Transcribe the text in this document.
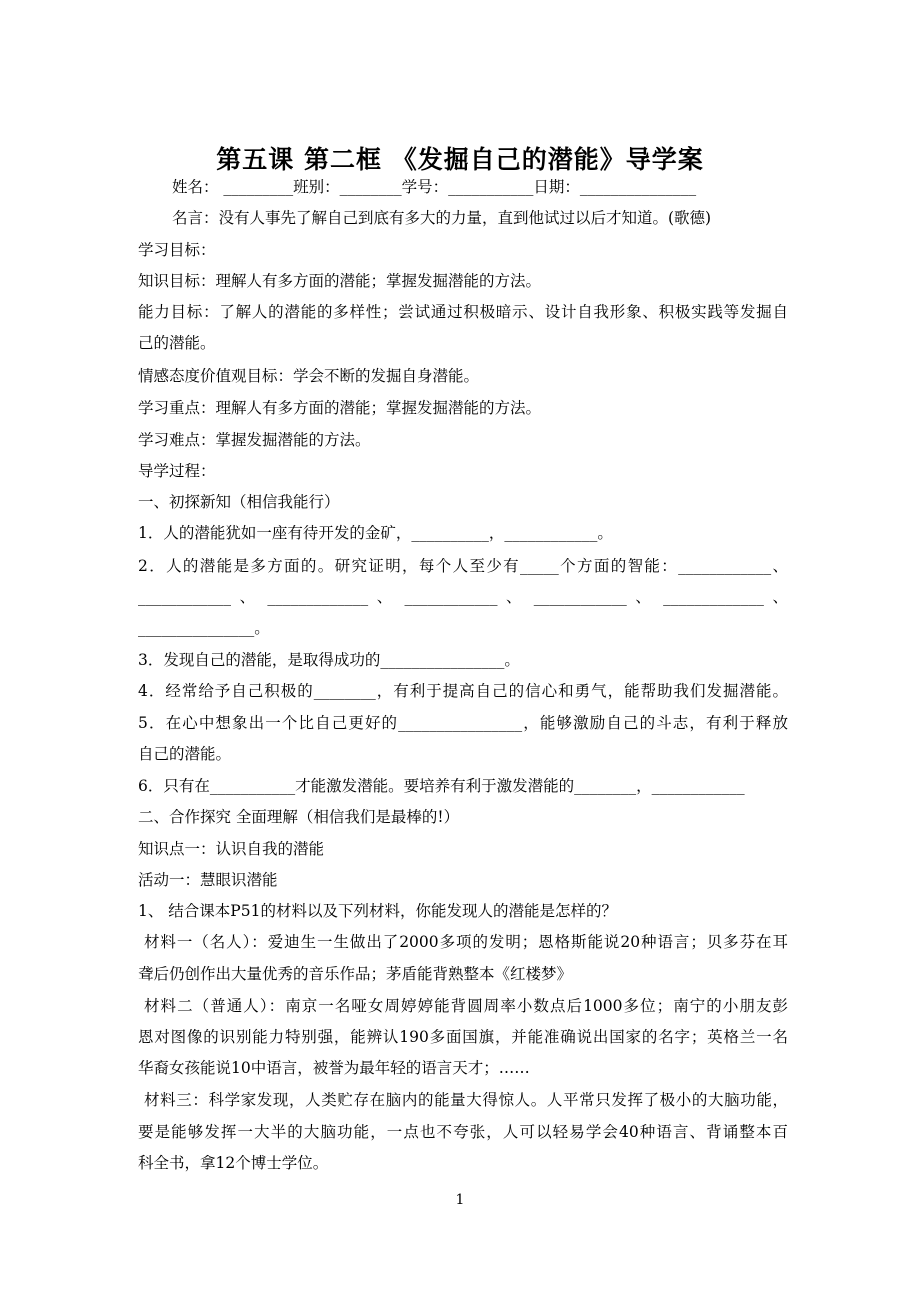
第五课 第二框 《发掘自己的潜能》导学案
姓名： _________班别：________学号：___________日期：_______________
名言：没有人事先了解自己到底有多大的力量，直到他试过以后才知道。(歌德)
学习目标：
知识目标：理解人有多方面的潜能；掌握发掘潜能的方法。
能力目标：了解人的潜能的多样性；尝试通过积极暗示、设计自我形象、积极实践等发掘自
己的潜能。
情感态度价值观目标：学会不断的发掘自身潜能。
学习重点：理解人有多方面的潜能；掌握发掘潜能的方法。
学习难点：掌握发掘潜能的方法。
导学过程：
一、初探新知（相信我能行）
1．人的潜能犹如一座有待开发的金矿，__________，____________。
2．人的潜能是多方面的。研究证明，每个人至少有_____个方面的智能：____________、
____________ 、 _____________ 、 ____________ 、 ____________ 、 _____________ 、
_______________。
3．发现自己的潜能，是取得成功的________________。
4．经常给予自己积极的________，有利于提高自己的信心和勇气，能帮助我们发掘潜能。
5．在心中想象出一个比自己更好的________________，能够激励自己的斗志，有利于释放
自己的潜能。
6．只有在___________才能激发潜能。要培养有利于激发潜能的________，____________
二、合作探究 全面理解（相信我们是最棒的!）
知识点一：认识自我的潜能
活动一：慧眼识潜能
1、 结合课本P51的材料以及下列材料，你能发现人的潜能是怎样的？
材料一（名人）：爱迪生一生做出了2000多项的发明；恩格斯能说20种语言；贝多芬在耳
聋后仍创作出大量优秀的音乐作品；茅盾能背熟整本《红楼梦》
材料二（普通人）：南京一名哑女周婷婷能背圆周率小数点后1000多位；南宁的小朋友彭
恩对图像的识别能力特别强，能辨认190多面国旗，并能准确说出国家的名字；英格兰一名
华裔女孩能说10中语言，被誉为最年轻的语言天才；……
材料三：科学家发现，人类贮存在脑内的能量大得惊人。人平常只发挥了极小的大脑功能，
要是能够发挥一大半的大脑功能，一点也不夸张，人可以轻易学会40种语言、背诵整本百
科全书，拿12个博士学位。
1
